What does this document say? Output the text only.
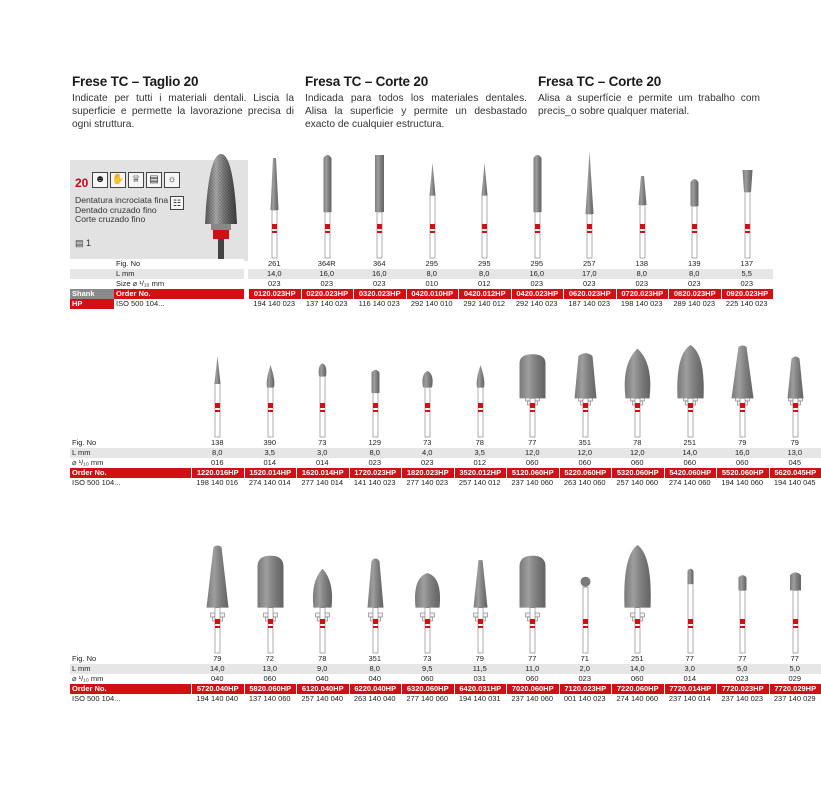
Frese TC – Taglio 20

Indicate per tutti i materiali dentali. Liscia la superficie e permette la lavorazione precisa di ogni struttura.

Fresa TC – Corte 20

Indicada para todos los materiales dentales. Alisa la superficie y permite un desbastado exacto de cualquier estructura.

Fresa TC – Corte 20

Alisa a superfície e permite um trabalho com precis_o sobre qualquer material.

20 ☻ ✋ ♕ ▤ ☼
Dentatura incrociata fina
Dentado cruzado fino
Corte cruzado fino
☷
▤ 1
Fig. No
L mm
Size ⌀ ¹/₁₀ mm
Shank	Order No.
HP	ISO 500 104...
261
14,0
023
0120.023HP
194 140 023
364R
16,0
023
0220.023HP
137 140 023
364
16,0
023
0320.023HP
116 140 023
295
8,0
010
0420.010HP
292 140 010
295
8,0
012
0420.012HP
292 140 012
295
16,0
023
0420.023HP
292 140 023
257
17,0
023
0620.023HP
187 140 023
138
8,0
023
0720.023HP
198 140 023
139
8,0
023
0820.023HP
289 140 023
137
5,5
023
0920.023HP
225 140 023
Fig. No
L mm
⌀ ¹/₁₀ mm
Order No.
ISO 500 104...
138
8,0
016
1220.016HP
198 140 016
390
3,5
014
1520.014HP
274 140 014
73
3,0
014
1620.014HP
277 140 014
129
8,0
023
1720.023HP
141 140 023
73
4,0
023
1820.023HP
277 140 023
78
3,5
012
3520.012HP
257 140 012
77
12,0
060
5120.060HP
237 140 060
351
12,0
060
5220.060HP
263 140 060
78
12,0
060
5320.060HP
257 140 060
251
14,0
060
5420.060HP
274 140 060
79
16,0
060
5520.060HP
194 140 060
79
13,0
045
5620.045HP
194 140 045
Fig. No
L mm
⌀ ¹/₁₀ mm
Order No.
ISO 500 104...
79
14,0
040
5720.040HP
194 140 040
72
13,0
060
5820.060HP
137 140 060
78
9,0
040
6120.040HP
257 140 040
351
8,0
040
6220.040HP
263 140 040
73
9,5
060
6320.060HP
277 140 060
79
11,5
031
6420.031HP
194 140 031
77
11,0
060
7020.060HP
237 140 060
71
2,0
023
7120.023HP
001 140 023
251
14,0
060
7220.060HP
274 140 060
77
3,0
014
7720.014HP
237 140 014
77
5,0
023
7720.023HP
237 140 023
77
5,0
029
7720.029HP
237 140 029
